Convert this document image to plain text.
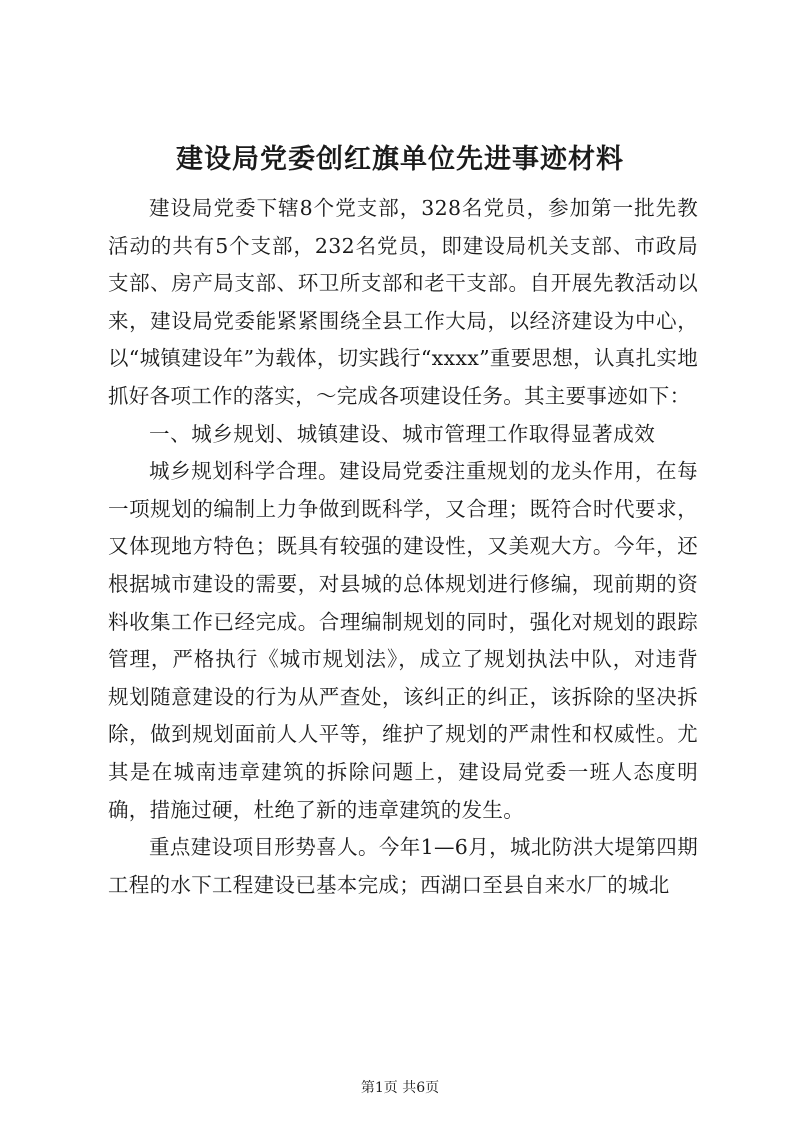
建设局党委创红旗单位先进事迹材料

建设局党委下辖8个党支部，328名党员，参加第一批先教活动的共有5个支部，232名党员，即建设局机关支部、市政局支部、房产局支部、环卫所支部和老干支部。自开展先教活动以来，建设局党委能紧紧围绕全县工作大局，以经济建设为中心，以“城镇建设年”为载体，切实践行“xxxx”重要思想，认真扎实地抓好各项工作的落实，～完成各项建设任务。其主要事迹如下：

一、城乡规划、城镇建设、城市管理工作取得显著成效

城乡规划科学合理。建设局党委注重规划的龙头作用，在每一项规划的编制上力争做到既科学，又合理；既符合时代要求，又体现地方特色；既具有较强的建设性，又美观大方。今年，还根据城市建设的需要，对县城的总体规划进行修编，现前期的资料收集工作已经完成。合理编制规划的同时，强化对规划的跟踪管理，严格执行《城市规划法》，成立了规划执法中队，对违背规划随意建设的行为从严查处，该纠正的纠正，该拆除的坚决拆除，做到规划面前人人平等，维护了规划的严肃性和权威性。尤其是在城南违章建筑的拆除问题上，建设局党委一班人态度明确，措施过硬，杜绝了新的违章建筑的发生。

重点建设项目形势喜人。今年1—6月，城北防洪大堤第四期工程的水下工程建设已基本完成；西湖口至县自来水厂的城北

第1页 共6页
